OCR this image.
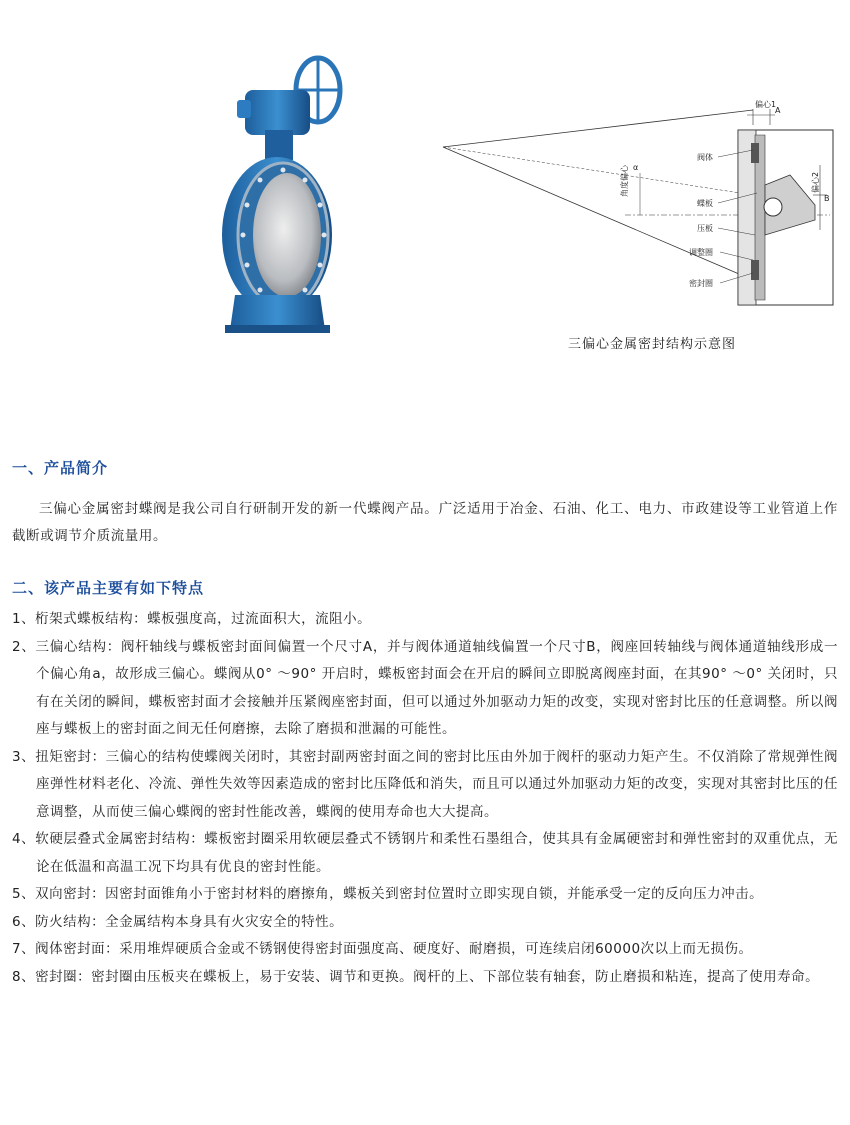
偏心1
A
偏心2
B
角度偏心 α
阀体
蝶板
压板
调整圈
密封圈
三偏心金属密封结构示意图
一、产品简介

三偏心金属密封蝶阀是我公司自行研制开发的新一代蝶阀产品。广泛适用于冶金、石油、化工、电力、市政建设等工业管道上作截断或调节介质流量用。

二、该产品主要有如下特点
1、桁架式蝶板结构：蝶板强度高，过流面积大，流阻小。
2、三偏心结构：阀杆轴线与蝶板密封面间偏置一个尺寸A，并与阀体通道轴线偏置一个尺寸B，阀座回转轴线与阀体通道轴线形成一个偏心角a，故形成三偏心。蝶阀从0° ～90° 开启时，蝶板密封面会在开启的瞬间立即脱离阀座封面，在其90° ～0° 关闭时，只有在关闭的瞬间，蝶板密封面才会接触并压紧阀座密封面，但可以通过外加驱动力矩的改变，实现对密封比压的任意调整。所以阀座与蝶板上的密封面之间无任何磨擦，去除了磨损和泄漏的可能性。
3、扭矩密封：三偏心的结构使蝶阀关闭时，其密封副两密封面之间的密封比压由外加于阀杆的驱动力矩产生。不仅消除了常规弹性阀座弹性材料老化、冷流、弹性失效等因素造成的密封比压降低和消失，而且可以通过外加驱动力矩的改变，实现对其密封比压的任意调整，从而使三偏心蝶阀的密封性能改善，蝶阀的使用寿命也大大提高。
4、软硬层叠式金属密封结构：蝶板密封圈采用软硬层叠式不锈钢片和柔性石墨组合，使其具有金属硬密封和弹性密封的双重优点，无论在低温和高温工况下均具有优良的密封性能。
5、双向密封：因密封面锥角小于密封材料的磨擦角，蝶板关到密封位置时立即实现自锁，并能承受一定的反向压力冲击。
6、防火结构：全金属结构本身具有火灾安全的特性。
7、阀体密封面：采用堆焊硬质合金或不锈钢使得密封面强度高、硬度好、耐磨损，可连续启闭60000次以上而无损伤。
8、密封圈：密封圈由压板夹在蝶板上，易于安装、调节和更换。阀杆的上、下部位装有轴套，防止磨损和粘连，提高了使用寿命。
